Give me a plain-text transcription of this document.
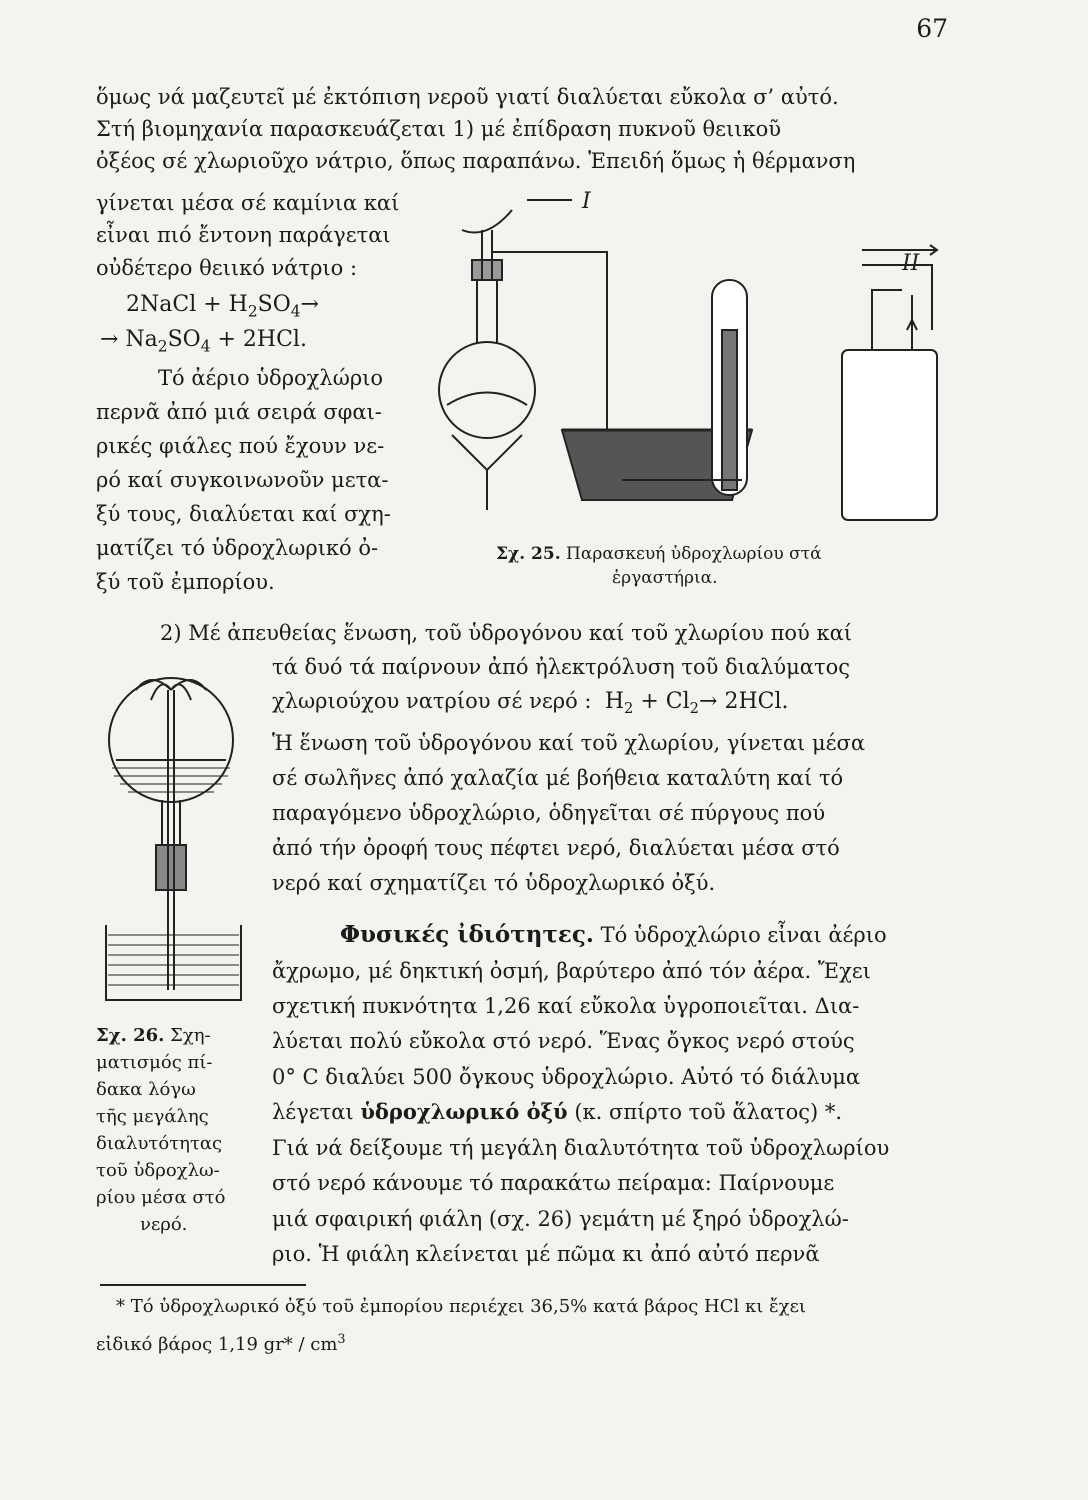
67
ὅμως νά μαζευτεῖ μέ ἐκτόπιση νεροῦ γιατί διαλύεται εὔκολα σ’ αὐτό.
Στή βιομηχανία παρασκευάζεται 1) μέ ἐπίδραση πυκνοῦ θειικοῦ
ὀξέος σέ χλωριοῦχο νάτριο, ὅπως παραπάνω. Ἐπειδή ὅμως ἡ θέρμανση
γίνεται μέσα σέ καμίνια καί
εἶναι πιό ἔντονη παράγεται
οὐδέτερο θειικό νάτριο :
2NaCl + $H_2SO_4\to$
→ $Na_2SO_4 + 2HCl$.
Τό ἀέριο ὑδροχλώριο
περνᾶ ἀπό μιά σειρά σφαι-
ρικές φιάλες πού ἔχουν νε-
ρό καί συγκοινωνοῦν μετα-
ξύ τους, διαλύεται καί σχη-
ματίζει τό ὑδροχλωρικό ὀ-
ξύ τοῦ ἐμπορίου.
I
II
Σχ. 25. Παρασκευή ὑδροχλωρίου στά
ἐργαστήρια.
2) Μέ ἀπευθείας ἕνωση, τοῦ ὑδρογόνου καί τοῦ χλωρίου πού καί
τά δυό τά παίρνουν ἀπό ἠλεκτρόλυση τοῦ διαλύματος
χλωριούχου νατρίου σέ νερό : $H_2 + Cl_2\to 2HCl$.
Ἡ ἕνωση τοῦ ὑδρογόνου καί τοῦ χλωρίου, γίνεται μέσα
σέ σωλῆνες ἀπό χαλαζία μέ βοήθεια καταλύτη καί τό
παραγόμενο ὑδροχλώριο, ὁδηγεῖται σέ πύργους πού
ἀπό τήν ὀροφή τους πέφτει νερό, διαλύεται μέσα στό
νερό καί σχηματίζει τό ὑδροχλωρικό ὀξύ.
Φυσικές ἰδιότητες. Τό ὑδροχλώριο εἶναι ἀέριο
ἄχρωμο, μέ δηκτική ὀσμή, βαρύτερο ἀπό τόν ἀέρα. Ἔχει
σχετική πυκνότητα 1,26 καί εὔκολα ὑγροποιεῖται. Δια-
λύεται πολύ εὔκολα στό νερό. Ἕνας ὄγκος νερό στούς
0° C διαλύει 500 ὄγκους ὑδροχλώριο. Αὐτό τό διάλυμα
λέγεται ὑδροχλωρικό ὀξύ (κ. σπίρτο τοῦ ἅλατος) *.
Γιά νά δείξουμε τή μεγάλη διαλυτότητα τοῦ ὑδροχλωρίου
στό νερό κάνουμε τό παρακάτω πείραμα: Παίρνουμε
μιά σφαιρική φιάλη (σχ. 26) γεμάτη μέ ξηρό ὑδροχλώ-
ριο. Ἡ φιάλη κλείνεται μέ πῶμα κι ἀπό αὐτό περνᾶ
Σχ. 26. Σχη-
ματισμός πί-
δακα λόγω
τῆς μεγάλης
διαλυτότητας
τοῦ ὑδροχλω-
ρίου μέσα στό
νερό.
* Τό ὑδροχλωρικό ὀξύ τοῦ ἐμπορίου περιέχει 36,5% κατά βάρος HCl κι ἔχει
εἰδικό βάρος 1,19 $gr* / cm^3$
